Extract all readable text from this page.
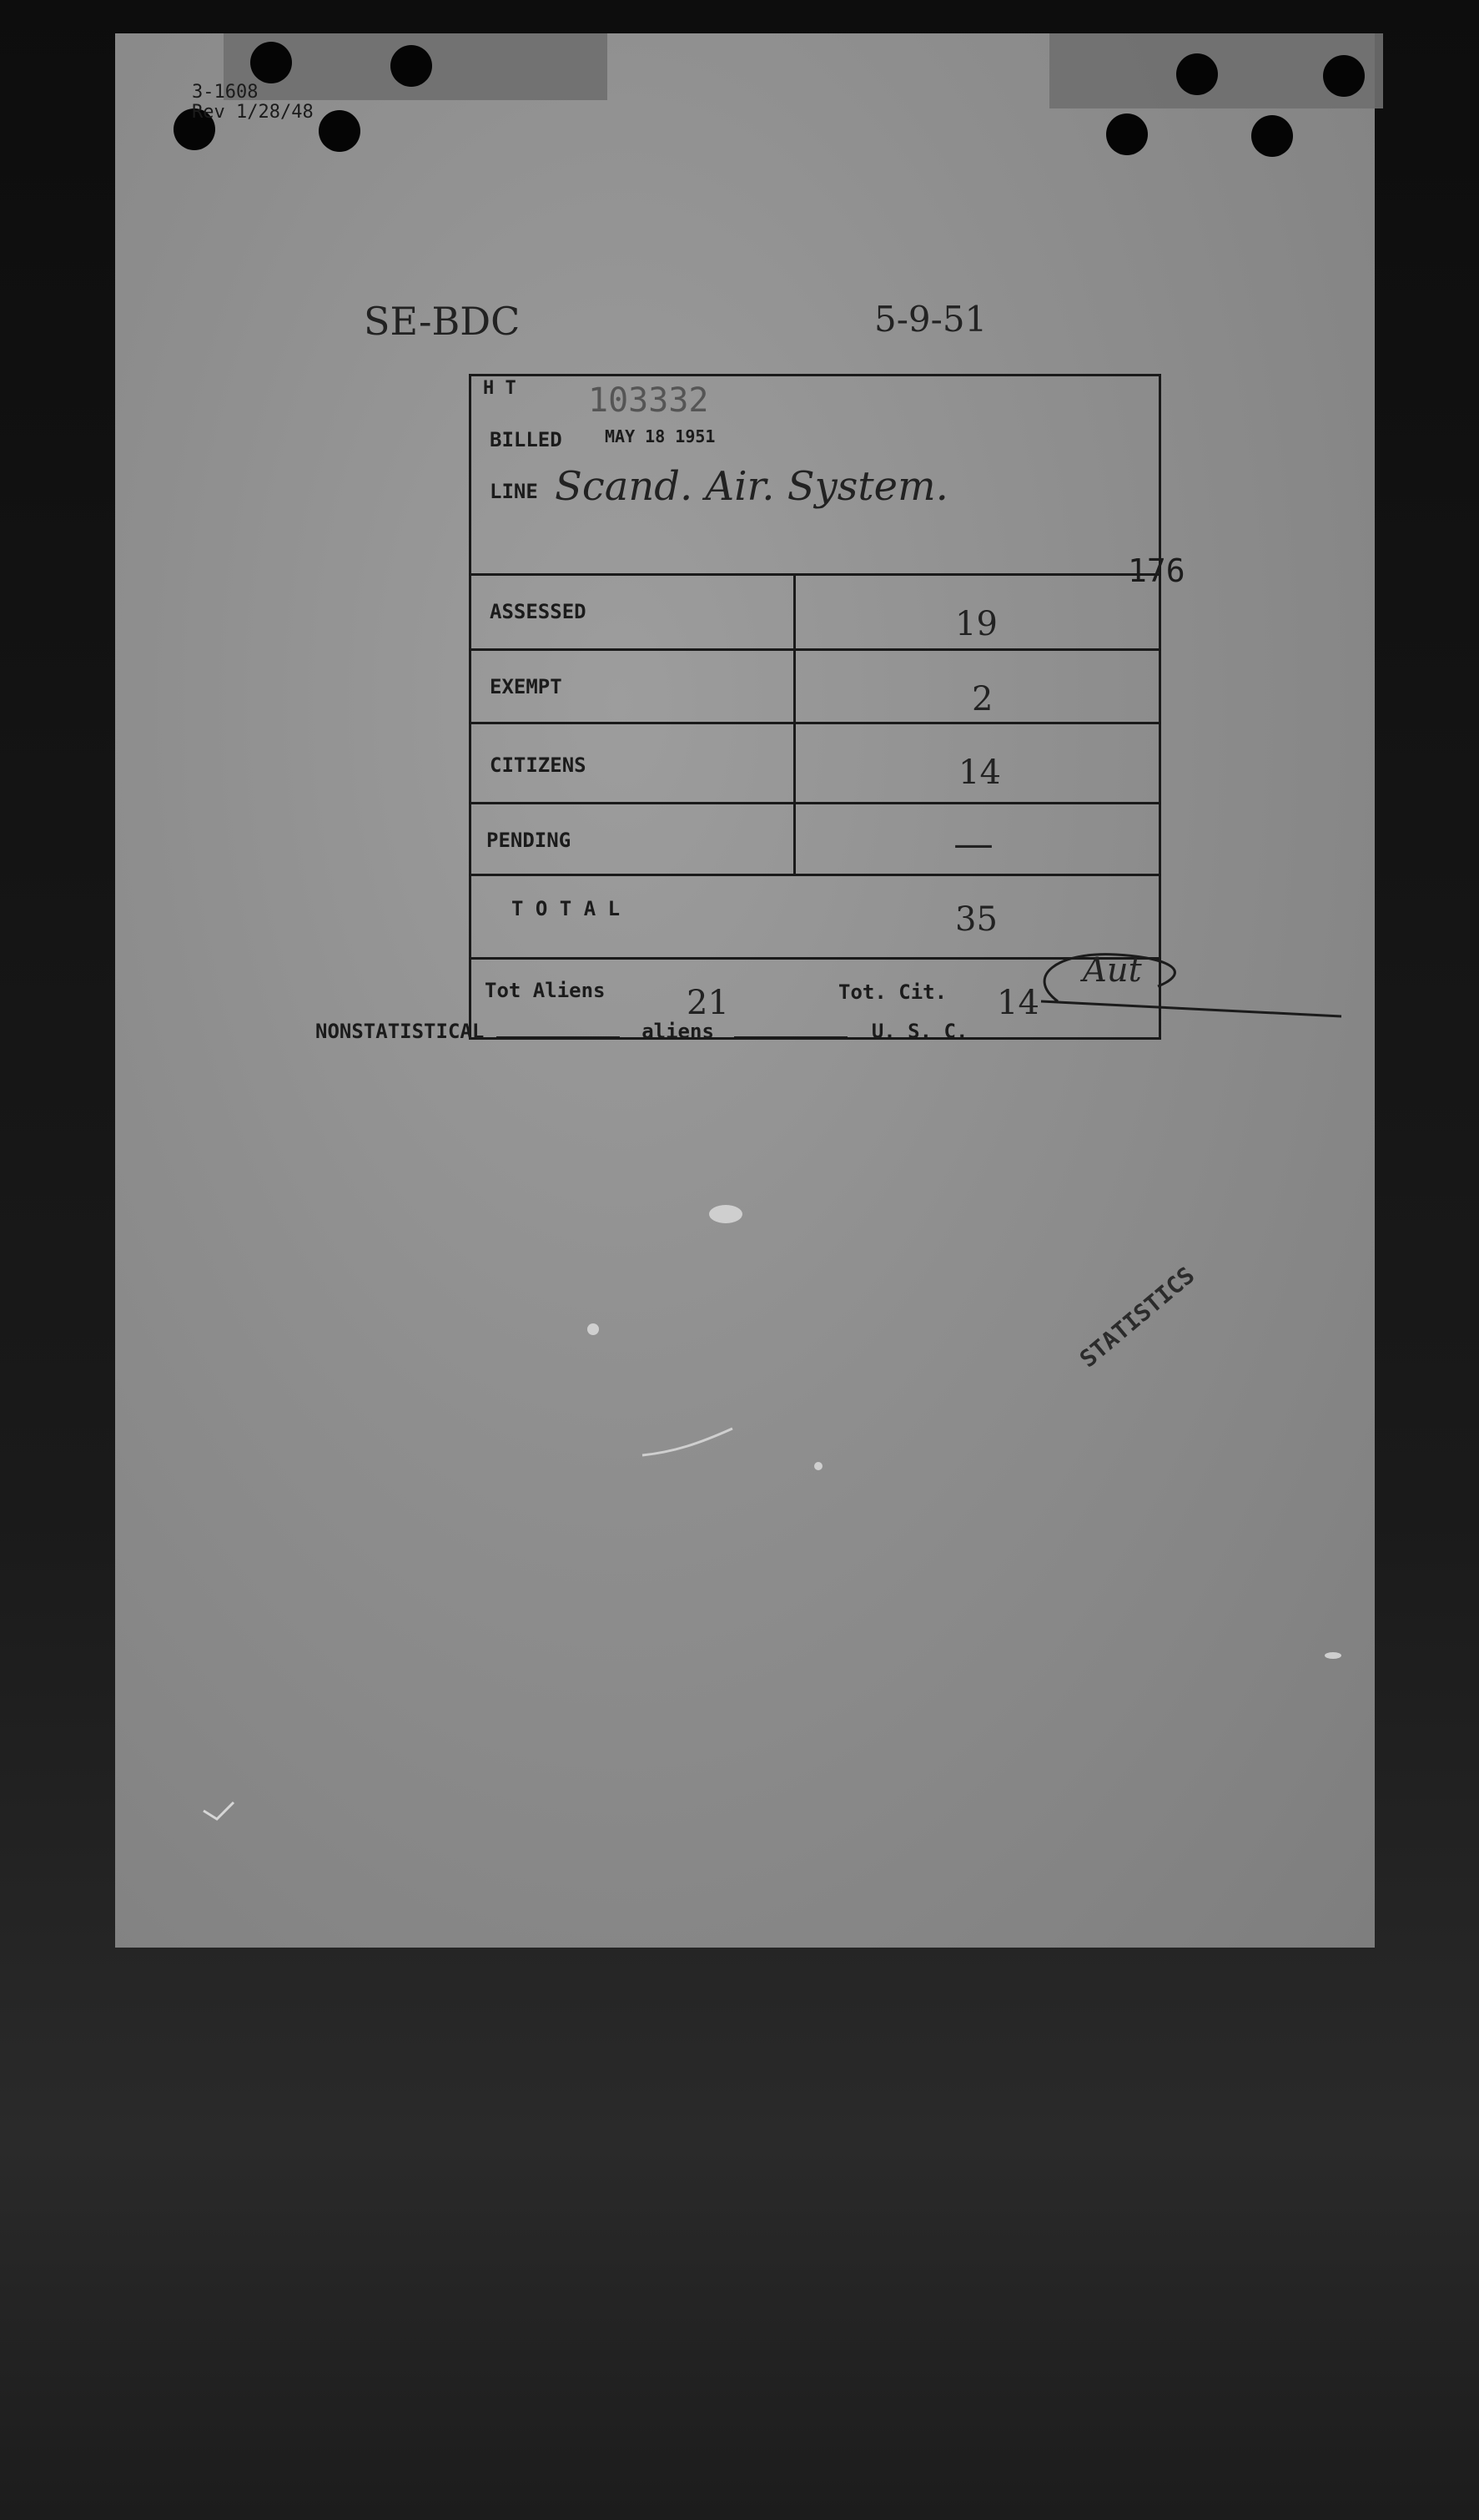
3-1608
Rev 1/28/48
SE-BDC	5-9-51
H T 103332
BILLED	MAY 18 1951
LINE Scand. Air. System.
ASSESSED	19
EXEMPT	2
CITIZENS	14
PENDING	—
T O T A L	35
Tot Aliens 21	Tot. Cit. 14
176
Aut
NONSTATISTICAL	aliens	U. S. C.
STATISTICS
